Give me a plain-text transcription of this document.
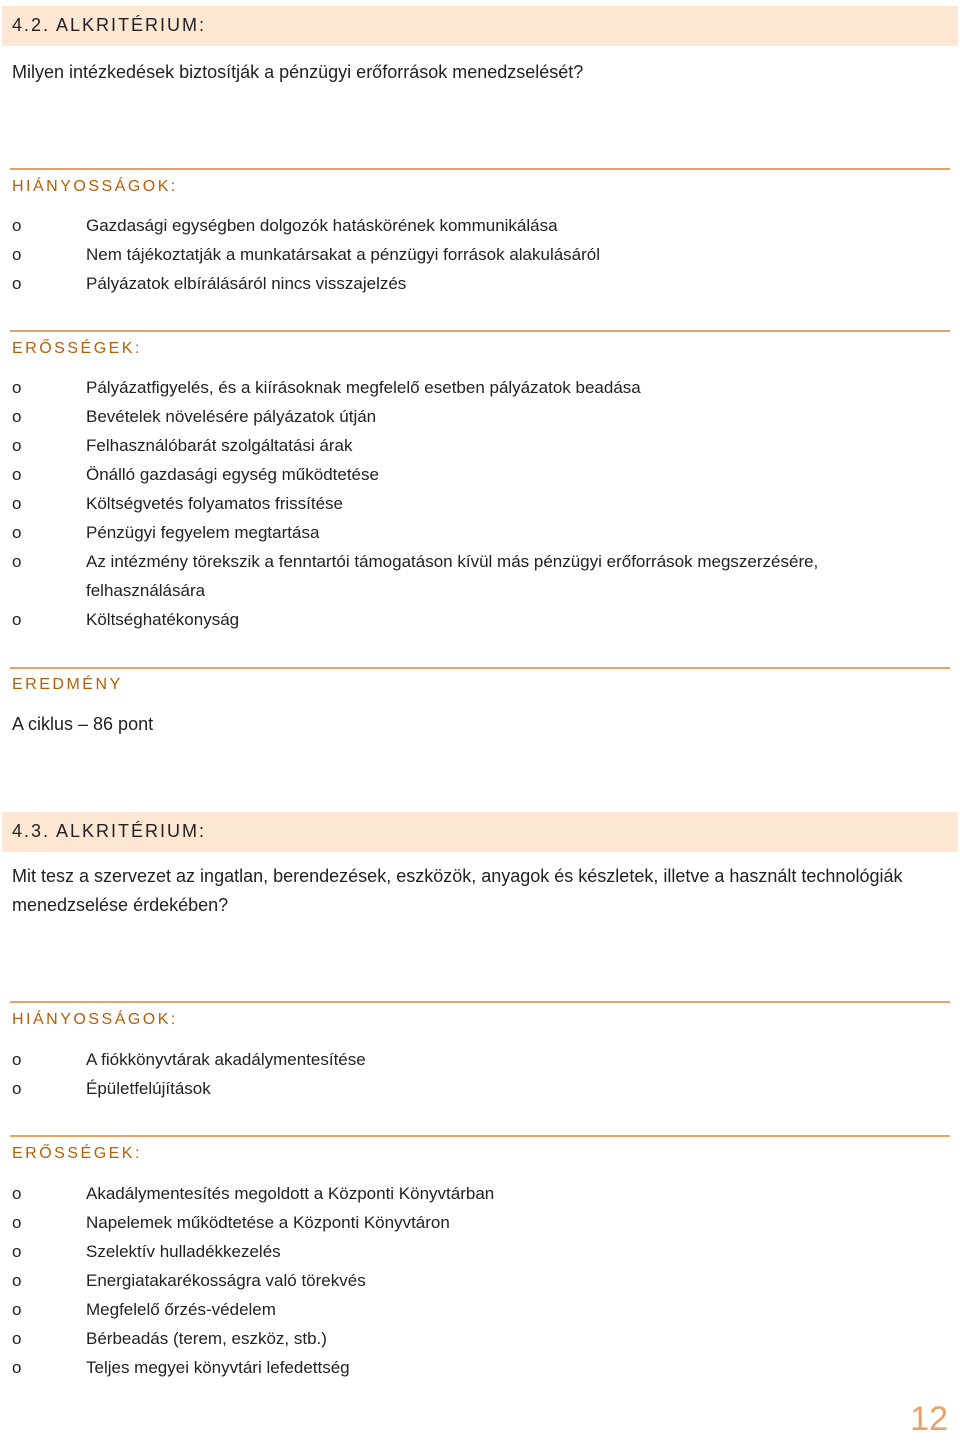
4.2. ALKRITÉRIUM:
Milyen intézkedések biztosítják a pénzügyi erőforrások menedzselését?
HIÁNYOSSÁGOK:
o	Gazdasági egységben dolgozók hatáskörének kommunikálása
o	Nem tájékoztatják a munkatársakat a pénzügyi források alakulásáról
o	Pályázatok elbírálásáról nincs visszajelzés
ERŐSSÉGEK:
o	Pályázatfigyelés, és a kiírásoknak megfelelő esetben pályázatok beadása
o	Bevételek növelésére pályázatok útján
o	Felhasználóbarát szolgáltatási árak
o	Önálló gazdasági egység működtetése
o	Költségvetés folyamatos frissítése
o	Pénzügyi fegyelem megtartása
o	Az intézmény törekszik a fenntartói támogatáson kívül más pénzügyi erőforrások megszerzésére, felhasználására
o	Költséghatékonyság
EREDMÉNY
A ciklus – 86 pont
4.3. ALKRITÉRIUM:
Mit tesz a szervezet az ingatlan, berendezések, eszközök, anyagok és készletek, illetve a használt technológiák menedzselése érdekében?
HIÁNYOSSÁGOK:
o	A fiókkönyvtárak akadálymentesítése
o	Épületfelújítások
ERŐSSÉGEK:
o	Akadálymentesítés megoldott a Központi Könyvtárban
o	Napelemek működtetése a Központi Könyvtáron
o	Szelektív hulladékkezelés
o	Energiatakarékosságra való törekvés
o	Megfelelő őrzés-védelem
o	Bérbeadás (terem, eszköz, stb.)
o	Teljes megyei könyvtári lefedettség
12
